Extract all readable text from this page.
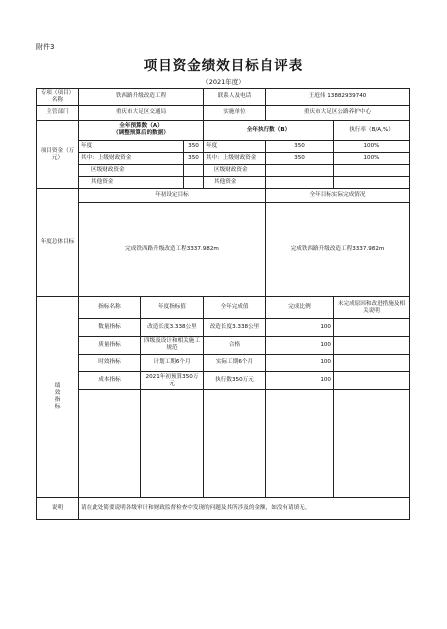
附件3
项目资金绩效目标自评表
（2021年度）
专项（项目）名称	铁西路升级改造工程			联系人及电话	王庭伟 13882939740	
主管部门	重庆市大足区交通局			实施单位	重庆市大足区公路养护中心	
项目资金（万元）	全年预算数（A）
（调整预算后的数据）			全年执行数（B）		执行率（B/A,%）
	年度		350	年度	350	100%
	其中：上级财政资金		350	其中：上级财政资金	350	100%
	区级财政资金			区级财政资金		
	其他资金			其他资金		
年度总体目标	年初设定目标				全年目标实际完成情况	
	完成铁西路升级改造工程3337.982m				完成铁西路升级改造工程3337.982m	

绩效指标	指标名称	年度指标值		全年完成值	完成比例	未完成原因和改进措施及相关说明
	数量指标	改造长度3.338公里		改造长度3.338公里	100	
	质量指标	四级及设计和相关施工规范		合格	100	
	时效指标	计划工期6个月		实际工期6个月	100	
	成本指标	2021年初预算350万元		执行数350万元	100	

说明	请在此处简要说明各级审计和财政监督检查中发现的问题及其所涉及的金额，如没有请填无。					
